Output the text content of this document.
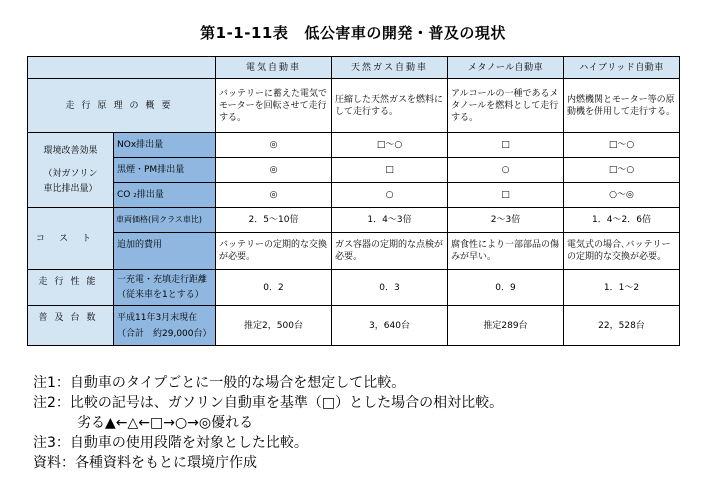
第1-1-11表 低公害車の開発・普及の現状
		電気自動車	天然ガス自動車	メタノール自動車	ハイブリッド自動車
走行原理の概要		バッテリーに蓄えた電気でモーターを回転させて走行する。	圧縮した天然ガスを燃料にして走行する。	アルコールの一種であるメタノールを燃料として走行する。	内燃機関とモーター等の原動機を併用して走行する。

環境改善効果
（対ガソリン
車比排出量）	NOx排出量	◎	□～○	□	□～○
	黒煙・PM排出量	◎	□	○	□～○
	CO ₂排出量	◎	○	□	○～◎
コスト	車両価格(同クラス車比)	2．5～10倍	1．4～3倍	2～3倍	1．4～2．6倍
	追加的費用	バッテリーの定期的な交換が必要。	ガス容器の定期的な点検が必要。	腐食性により一部部品の傷みが早い。	電気式の場合､バッテリーの定期的な交換が必要。
走行性能	一充電・充填走行距離
（従来車を1とする）	0．2	0．3	0．9	1．1～2
普及台数	平成11年3月末現在
（合計　約29,000台）	推定2，500台	3，640台	推定289台	22，528台
注1：自動車のタイプごとに一般的な場合を想定して比較。
注2：比較の記号は、ガソリン自動車を基準（□）とした場合の相対比較。
劣る▲←△←□→○→◎優れる
注3：自動車の使用段階を対象とした比較。
資料：各種資料をもとに環境庁作成
